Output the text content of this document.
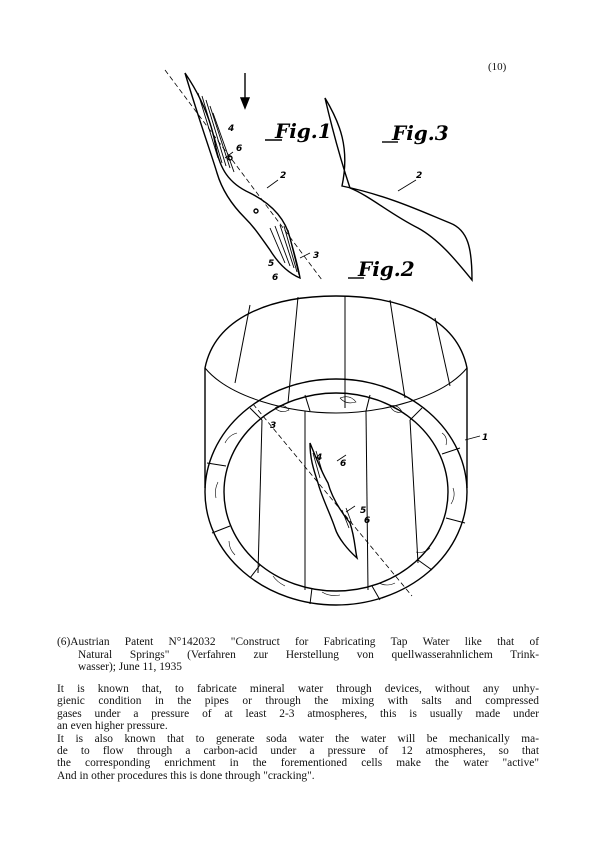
(10)
Fig.1	Fig.3
Fig.2
4
6
2
3
5
6
2
1
3
4
6
5
6
(6)Austrian Patent N°142032 "Construct for Fabricating Tap Water like that of
Natural Springs" (Verfahren zur Herstellung von quellwasserahnlichem Trink-
wasser); June 11, 1935
It is known that, to fabricate mineral water through devices, without any unhy-
gienic condition in the pipes or through the mixing with salts and compressed
gases under a pressure of at least 2-3 atmospheres, this is usually made under
an even higher pressure.
It is also known that to generate soda water the water will be mechanically ma-
de to flow through a carbon-acid under a pressure of 12 atmospheres, so that
the corresponding enrichment in the forementioned cells make the water "active"
And in other procedures this is done through "cracking".
